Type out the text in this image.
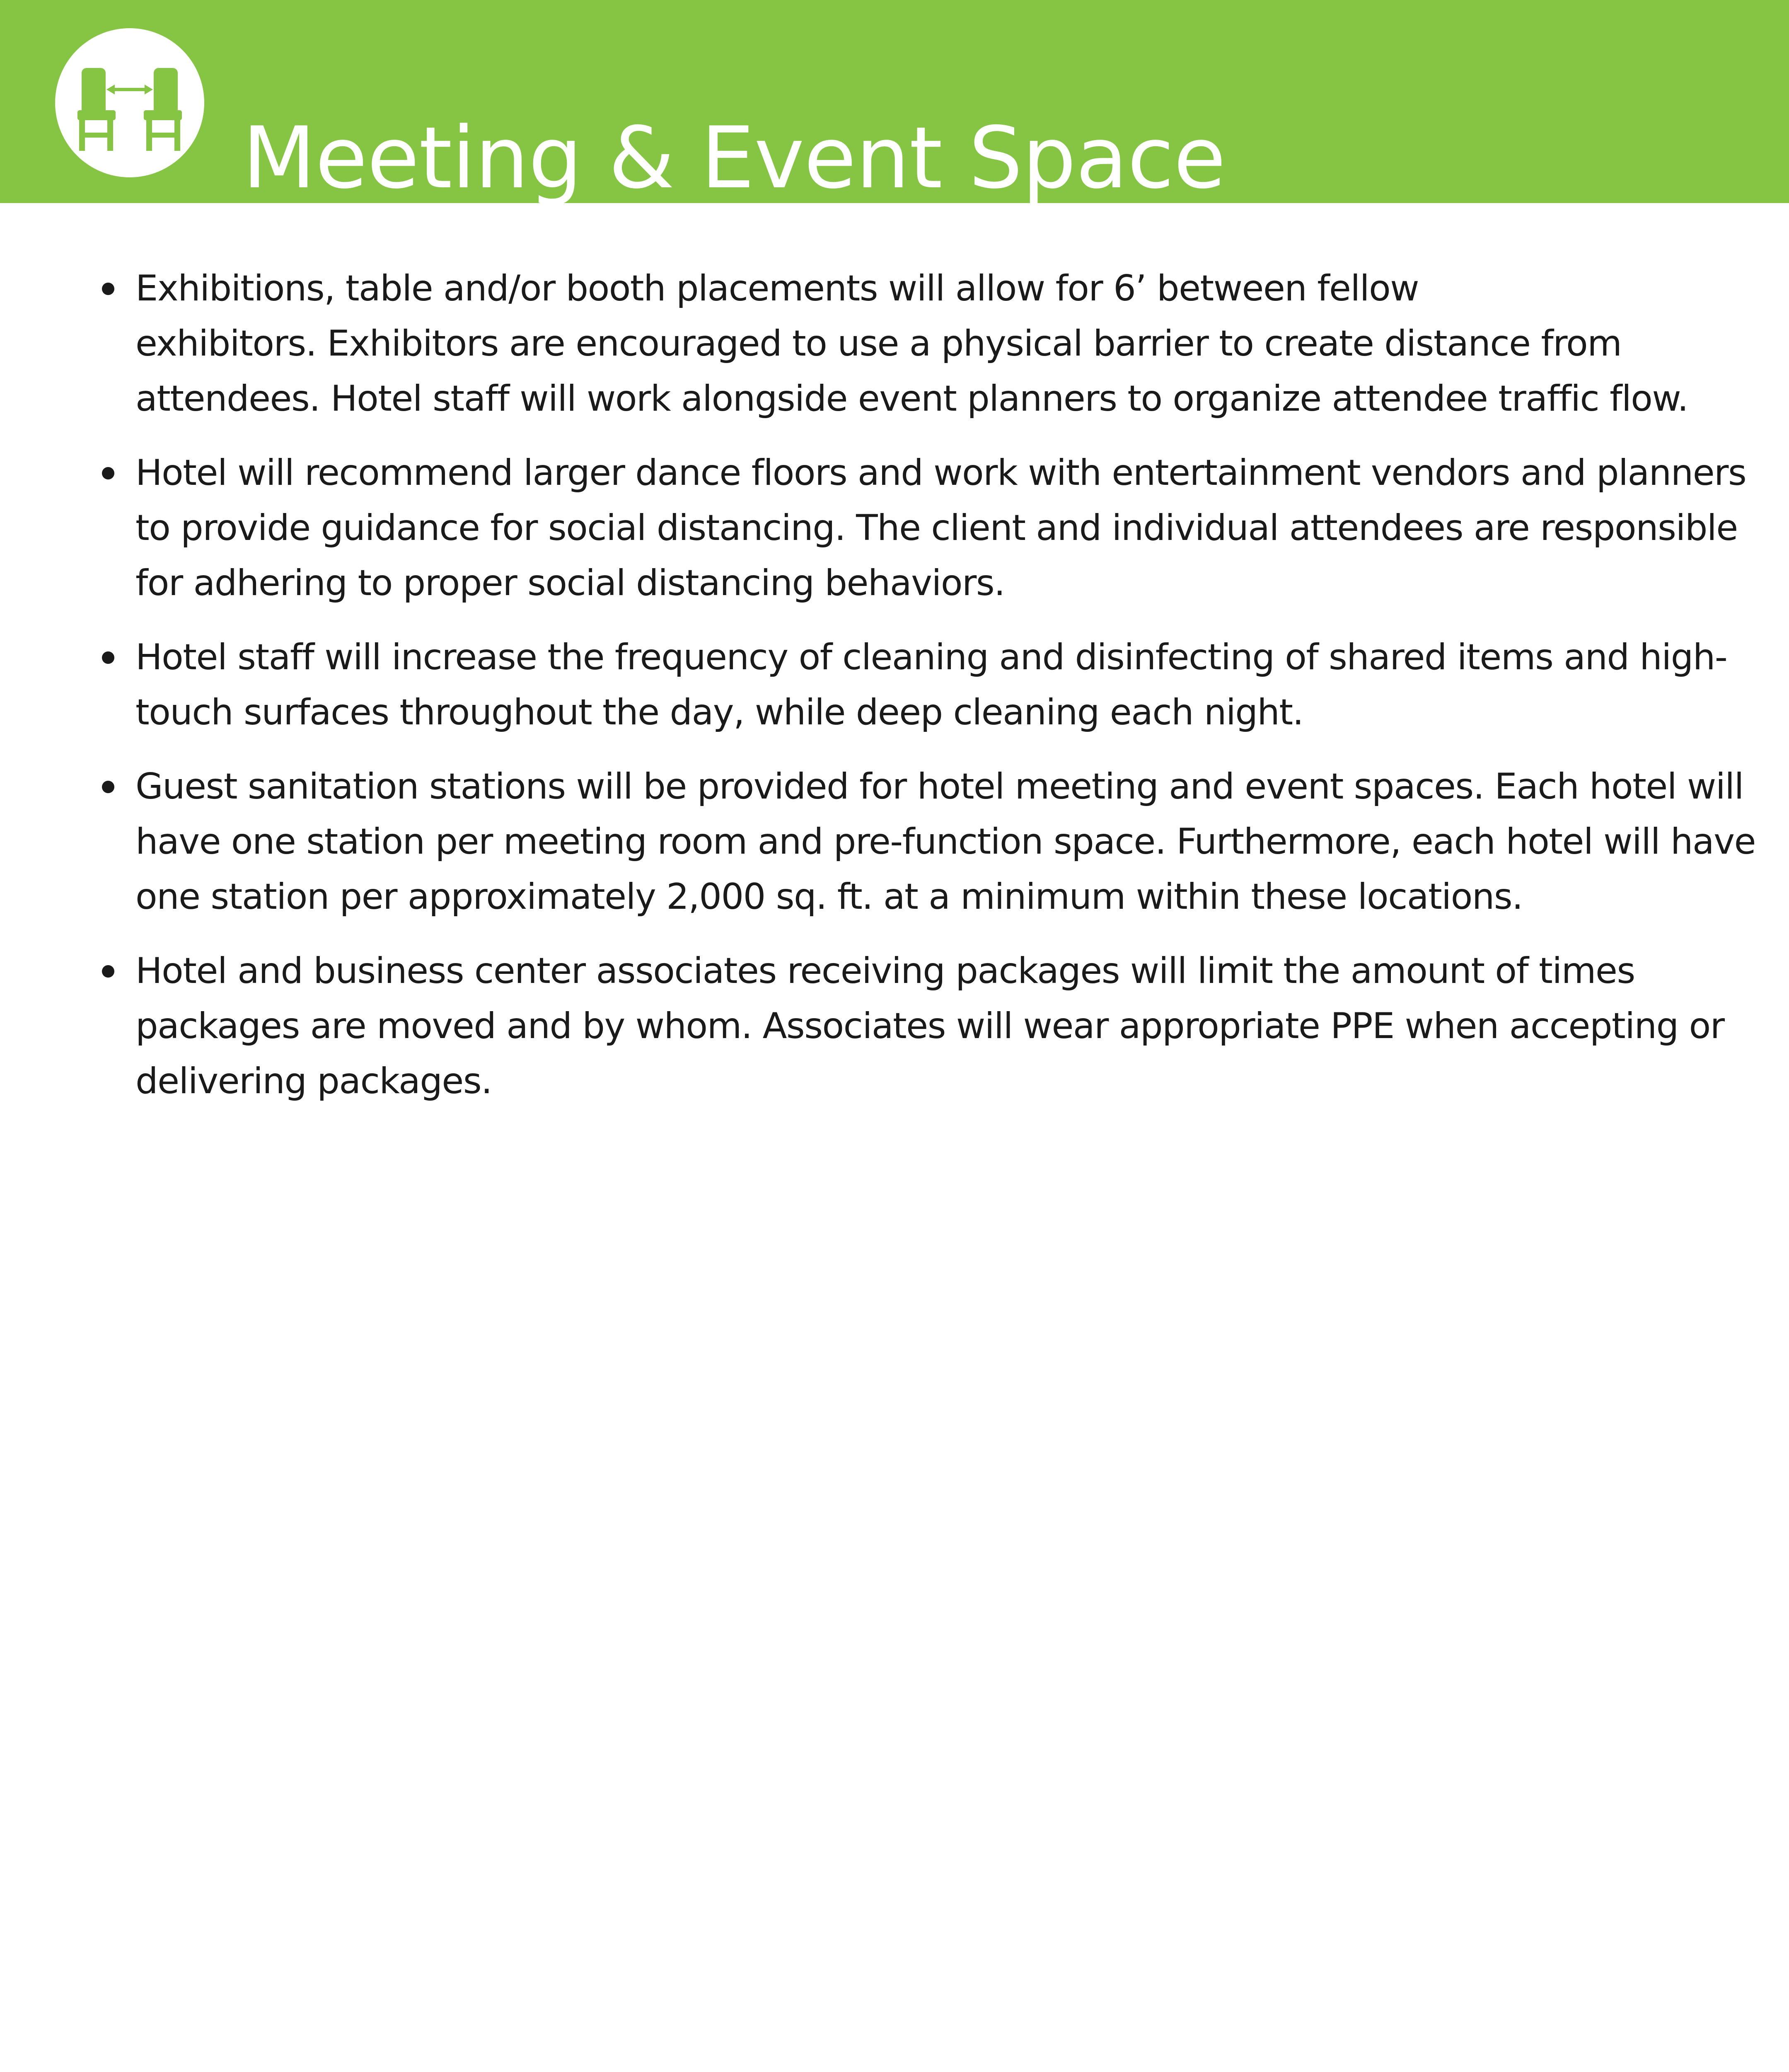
Meeting & Event Space
Exhibitions, table and/or booth placements will allow for 6’ between fellow
exhibitors. Exhibitors are encouraged to use a physical barrier to create distance from
attendees. Hotel staff will work alongside event planners to organize attendee traffic flow.
Hotel will recommend larger dance floors and work with entertainment vendors and planners
to provide guidance for social distancing. The client and individual attendees are responsible
for adhering to proper social distancing behaviors.
Hotel staff will increase the frequency of cleaning and disinfecting of shared items and high-
touch surfaces throughout the day, while deep cleaning each night.
Guest sanitation stations will be provided for hotel meeting and event spaces. Each hotel will
have one station per meeting room and pre-function space. Furthermore, each hotel will have
one station per approximately 2,000 sq. ft. at a minimum within these locations.
Hotel and business center associates receiving packages will limit the amount of times
packages are moved and by whom. Associates will wear appropriate PPE when accepting or
delivering packages.
